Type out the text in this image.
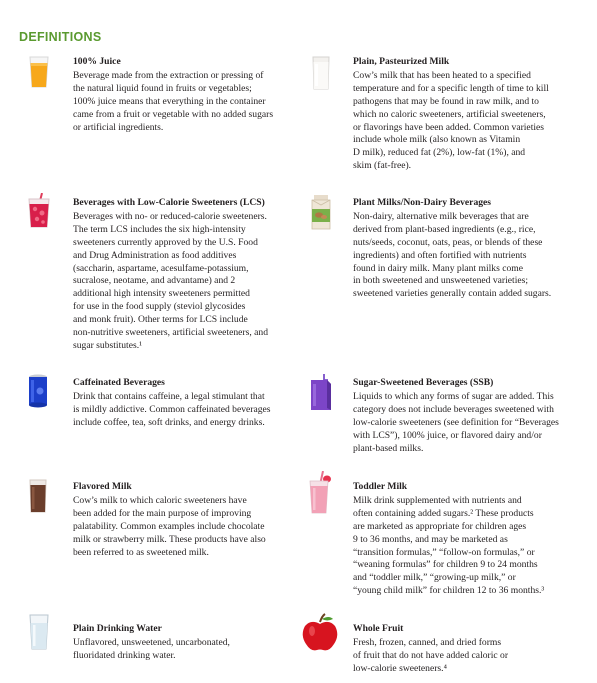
DEFINITIONS
100% Juice
Beverage made from the extraction or pressing of
the natural liquid found in fruits or vegetables;
100% juice means that everything in the container
came from a fruit or vegetable with no added sugars
or artificial ingredients.
Plain, Pasteurized Milk
Cow’s milk that has been heated to a specified
temperature and for a specific length of time to kill
pathogens that may be found in raw milk, and to
which no caloric sweeteners, artificial sweeteners,
or flavorings have been added. Common varieties
include whole milk (also known as Vitamin
D milk), reduced fat (2%), low-fat (1%), and
skim (fat-free).
Beverages with Low-Calorie Sweeteners (LCS)
Beverages with no- or reduced-calorie sweeteners.
The term LCS includes the six high-intensity
sweeteners currently approved by the U.S. Food
and Drug Administration as food additives
(saccharin, aspartame, acesulfame-potassium,
sucralose, neotame, and advantame) and 2
additional high intensity sweeteners permitted
for use in the food supply (steviol glycosides
and monk fruit). Other terms for LCS include
non-nutritive sweeteners, artificial sweeteners, and
sugar substitutes.¹
Plant Milks/Non-Dairy Beverages
Non-dairy, alternative milk beverages that are
derived from plant-based ingredients (e.g., rice,
nuts/seeds, coconut, oats, peas, or blends of these
ingredients) and often fortified with nutrients
found in dairy milk. Many plant milks come
in both sweetened and unsweetened varieties;
sweetened varieties generally contain added sugars.
Caffeinated Beverages
Drink that contains caffeine, a legal stimulant that
is mildly addictive. Common caffeinated beverages
include coffee, tea, soft drinks, and energy drinks.
Sugar-Sweetened Beverages (SSB)
Liquids to which any forms of sugar are added. This
category does not include beverages sweetened with
low-calorie sweeteners (see definition for “Beverages
with LCS”), 100% juice, or flavored dairy and/or
plant-based milks.
Flavored Milk
Cow’s milk to which caloric sweeteners have
been added for the main purpose of improving
palatability. Common examples include chocolate
milk or strawberry milk. These products have also
been referred to as sweetened milk.
Toddler Milk
Milk drink supplemented with nutrients and
often containing added sugars.² These products
are marketed as appropriate for children ages
9 to 36 months, and may be marketed as
“transition formulas,” “follow-on formulas,” or
“weaning formulas” for children 9 to 24 months
and “toddler milk,” “growing-up milk,” or
“young child milk” for children 12 to 36 months.³
Plain Drinking Water
Unflavored, unsweetened, uncarbonated,
fluoridated drinking water.
Whole Fruit
Fresh, frozen, canned, and dried forms
of fruit that do not have added caloric or
low-calorie sweeteners.⁴
